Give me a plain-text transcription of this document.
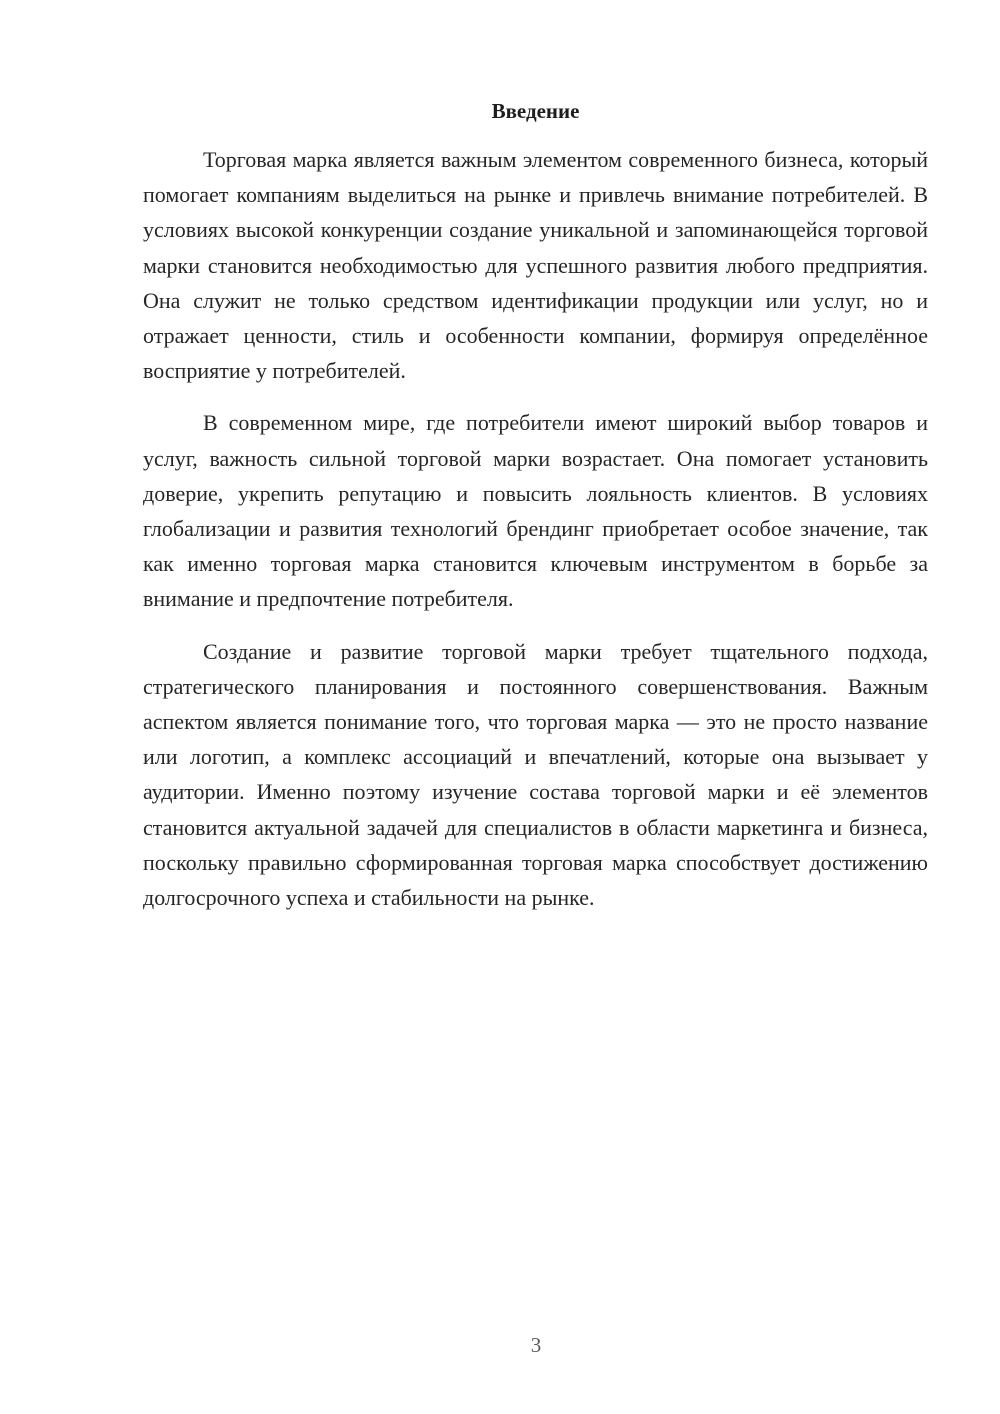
Введение

Торговая марка является важным элементом современного бизнеса, который помогает компаниям выделиться на рынке и привлечь внимание потребителей. В условиях высокой конкуренции создание уникальной и запоминающейся торговой марки становится необходимостью для успешного развития любого предприятия. Она служит не только средством идентификации продукции или услуг, но и отражает ценности, стиль и особенности компании, формируя определённое восприятие у потребителей.

В современном мире, где потребители имеют широкий выбор товаров и услуг, важность сильной торговой марки возрастает. Она помогает установить доверие, укрепить репутацию и повысить лояльность клиентов. В условиях глобализации и развития технологий брендинг приобретает особое значение, так как именно торговая марка становится ключевым инструментом в борьбе за внимание и предпочтение потребителя.

Создание и развитие торговой марки требует тщательного подхода, стратегического планирования и постоянного совершенствования. Важным аспектом является понимание того, что торговая марка — это не просто название или логотип, а комплекс ассоциаций и впечатлений, которые она вызывает у аудитории. Именно поэтому изучение состава торговой марки и её элементов становится актуальной задачей для специалистов в области маркетинга и бизнеса, поскольку правильно сформированная торговая марка способствует достижению долгосрочного успеха и стабильности на рынке.

3
